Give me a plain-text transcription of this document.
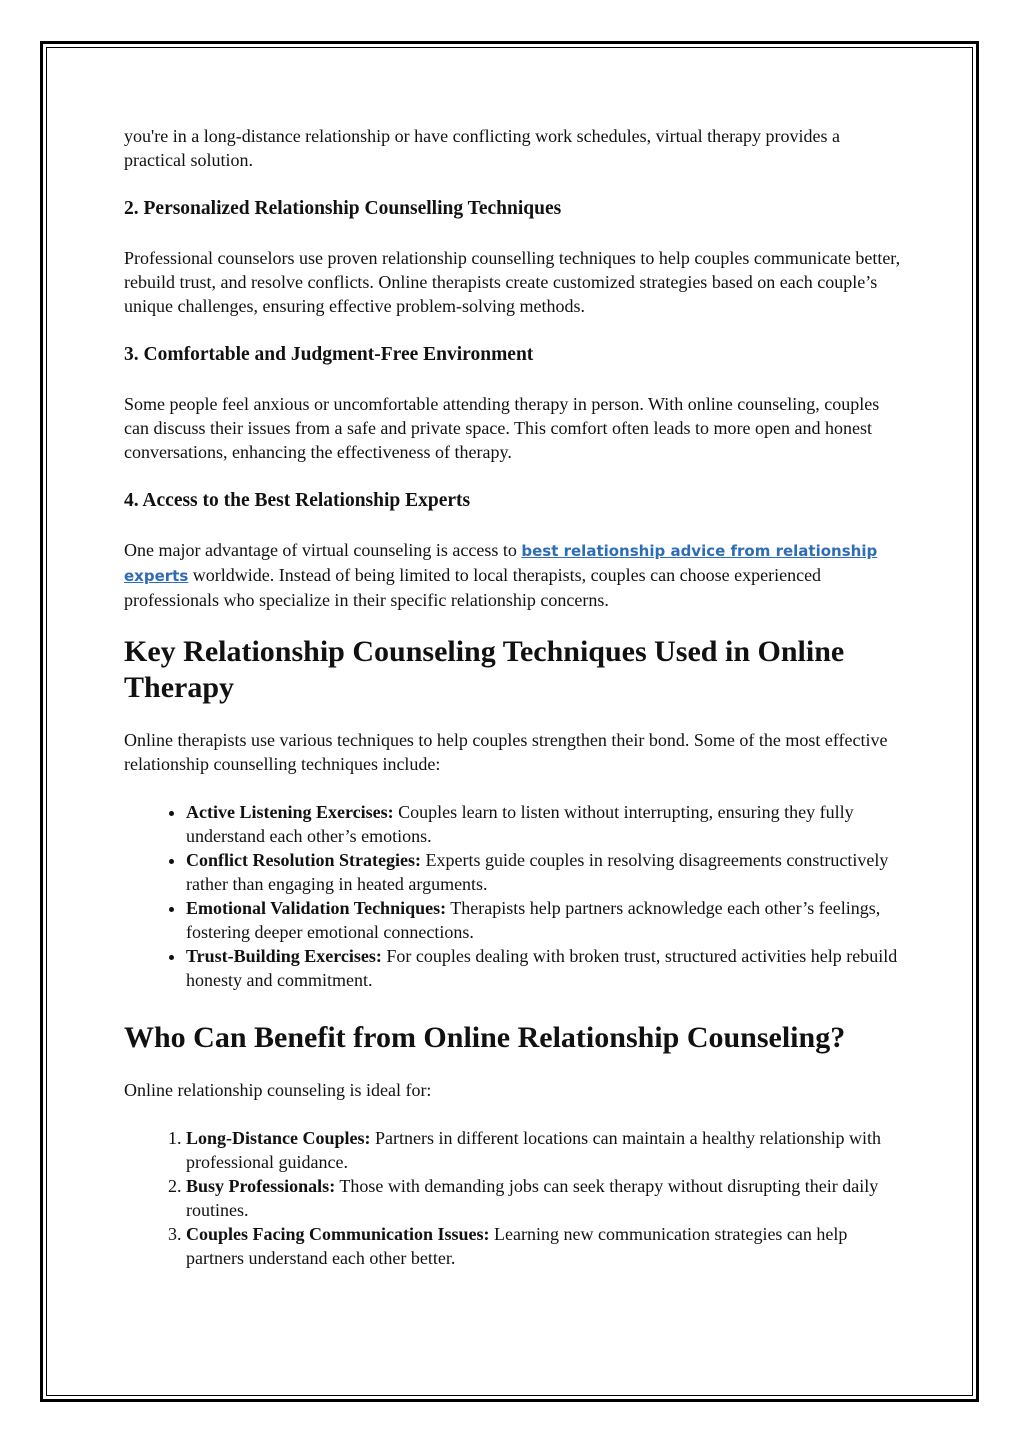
you're in a long-distance relationship or have conflicting work schedules, virtual therapy provides a practical solution.

2. Personalized Relationship Counselling Techniques

Professional counselors use proven relationship counselling techniques to help couples communicate better, rebuild trust, and resolve conflicts. Online therapists create customized strategies based on each couple’s unique challenges, ensuring effective problem-solving methods.

3. Comfortable and Judgment-Free Environment

Some people feel anxious or uncomfortable attending therapy in person. With online counseling, couples can discuss their issues from a safe and private space. This comfort often leads to more open and honest conversations, enhancing the effectiveness of therapy.

4. Access to the Best Relationship Experts

One major advantage of virtual counseling is access to best relationship advice from relationship experts worldwide. Instead of being limited to local therapists, couples can choose experienced professionals who specialize in their specific relationship concerns.

Key Relationship Counseling Techniques Used in Online Therapy

Online therapists use various techniques to help couples strengthen their bond. Some of the most effective relationship counselling techniques include:

• Active Listening Exercises: Couples learn to listen without interrupting, ensuring they fully understand each other’s emotions.
• Conflict Resolution Strategies: Experts guide couples in resolving disagreements constructively rather than engaging in heated arguments.
• Emotional Validation Techniques: Therapists help partners acknowledge each other’s feelings, fostering deeper emotional connections.
• Trust-Building Exercises: For couples dealing with broken trust, structured activities help rebuild honesty and commitment.
Who Can Benefit from Online Relationship Counseling?

Online relationship counseling is ideal for:

1. Long-Distance Couples: Partners in different locations can maintain a healthy relationship with professional guidance.
2. Busy Professionals: Those with demanding jobs can seek therapy without disrupting their daily routines.
3. Couples Facing Communication Issues: Learning new communication strategies can help partners understand each other better.
